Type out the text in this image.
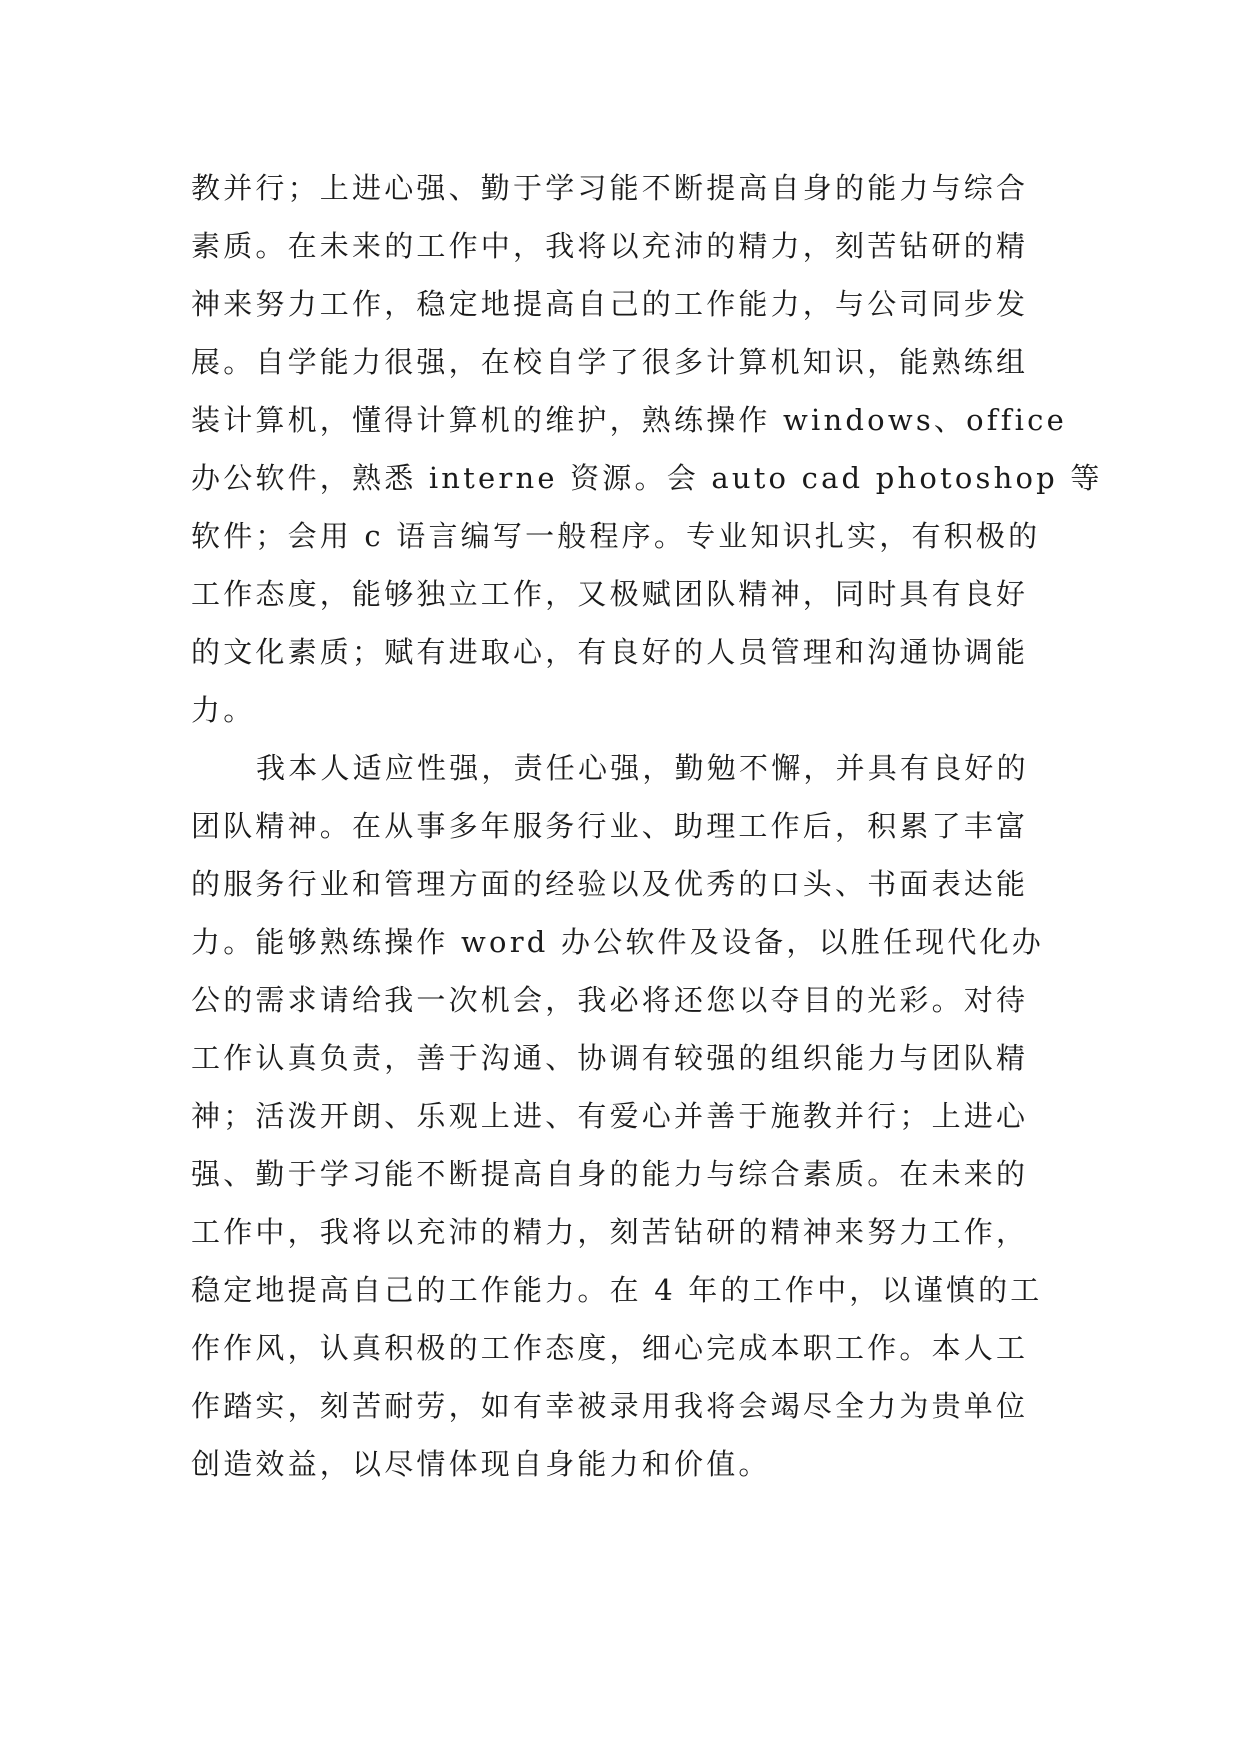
教并行；上进心强、勤于学习能不断提高自身的能力与综合
素质。在未来的工作中，我将以充沛的精力，刻苦钻研的精
神来努力工作，稳定地提高自己的工作能力，与公司同步发
展。自学能力很强，在校自学了很多计算机知识，能熟练组
装计算机，懂得计算机的维护，熟练操作 windows、office
办公软件，熟悉 interne 资源。会 auto cad photoshop 等
软件；会用 c 语言编写一般程序。专业知识扎实，有积极的
工作态度，能够独立工作，又极赋团队精神，同时具有良好
的文化素质；赋有进取心，有良好的人员管理和沟通协调能
力。
我本人适应性强，责任心强，勤勉不懈，并具有良好的
团队精神。在从事多年服务行业、助理工作后，积累了丰富
的服务行业和管理方面的经验以及优秀的口头、书面表达能
力。能够熟练操作 word 办公软件及设备，以胜任现代化办
公的需求请给我一次机会，我必将还您以夺目的光彩。对待
工作认真负责，善于沟通、协调有较强的组织能力与团队精
神；活泼开朗、乐观上进、有爱心并善于施教并行；上进心
强、勤于学习能不断提高自身的能力与综合素质。在未来的
工作中，我将以充沛的精力，刻苦钻研的精神来努力工作，
稳定地提高自己的工作能力。在 4 年的工作中，以谨慎的工
作作风，认真积极的工作态度，细心完成本职工作。本人工
作踏实，刻苦耐劳，如有幸被录用我将会竭尽全力为贵单位
创造效益，以尽情体现自身能力和价值。
